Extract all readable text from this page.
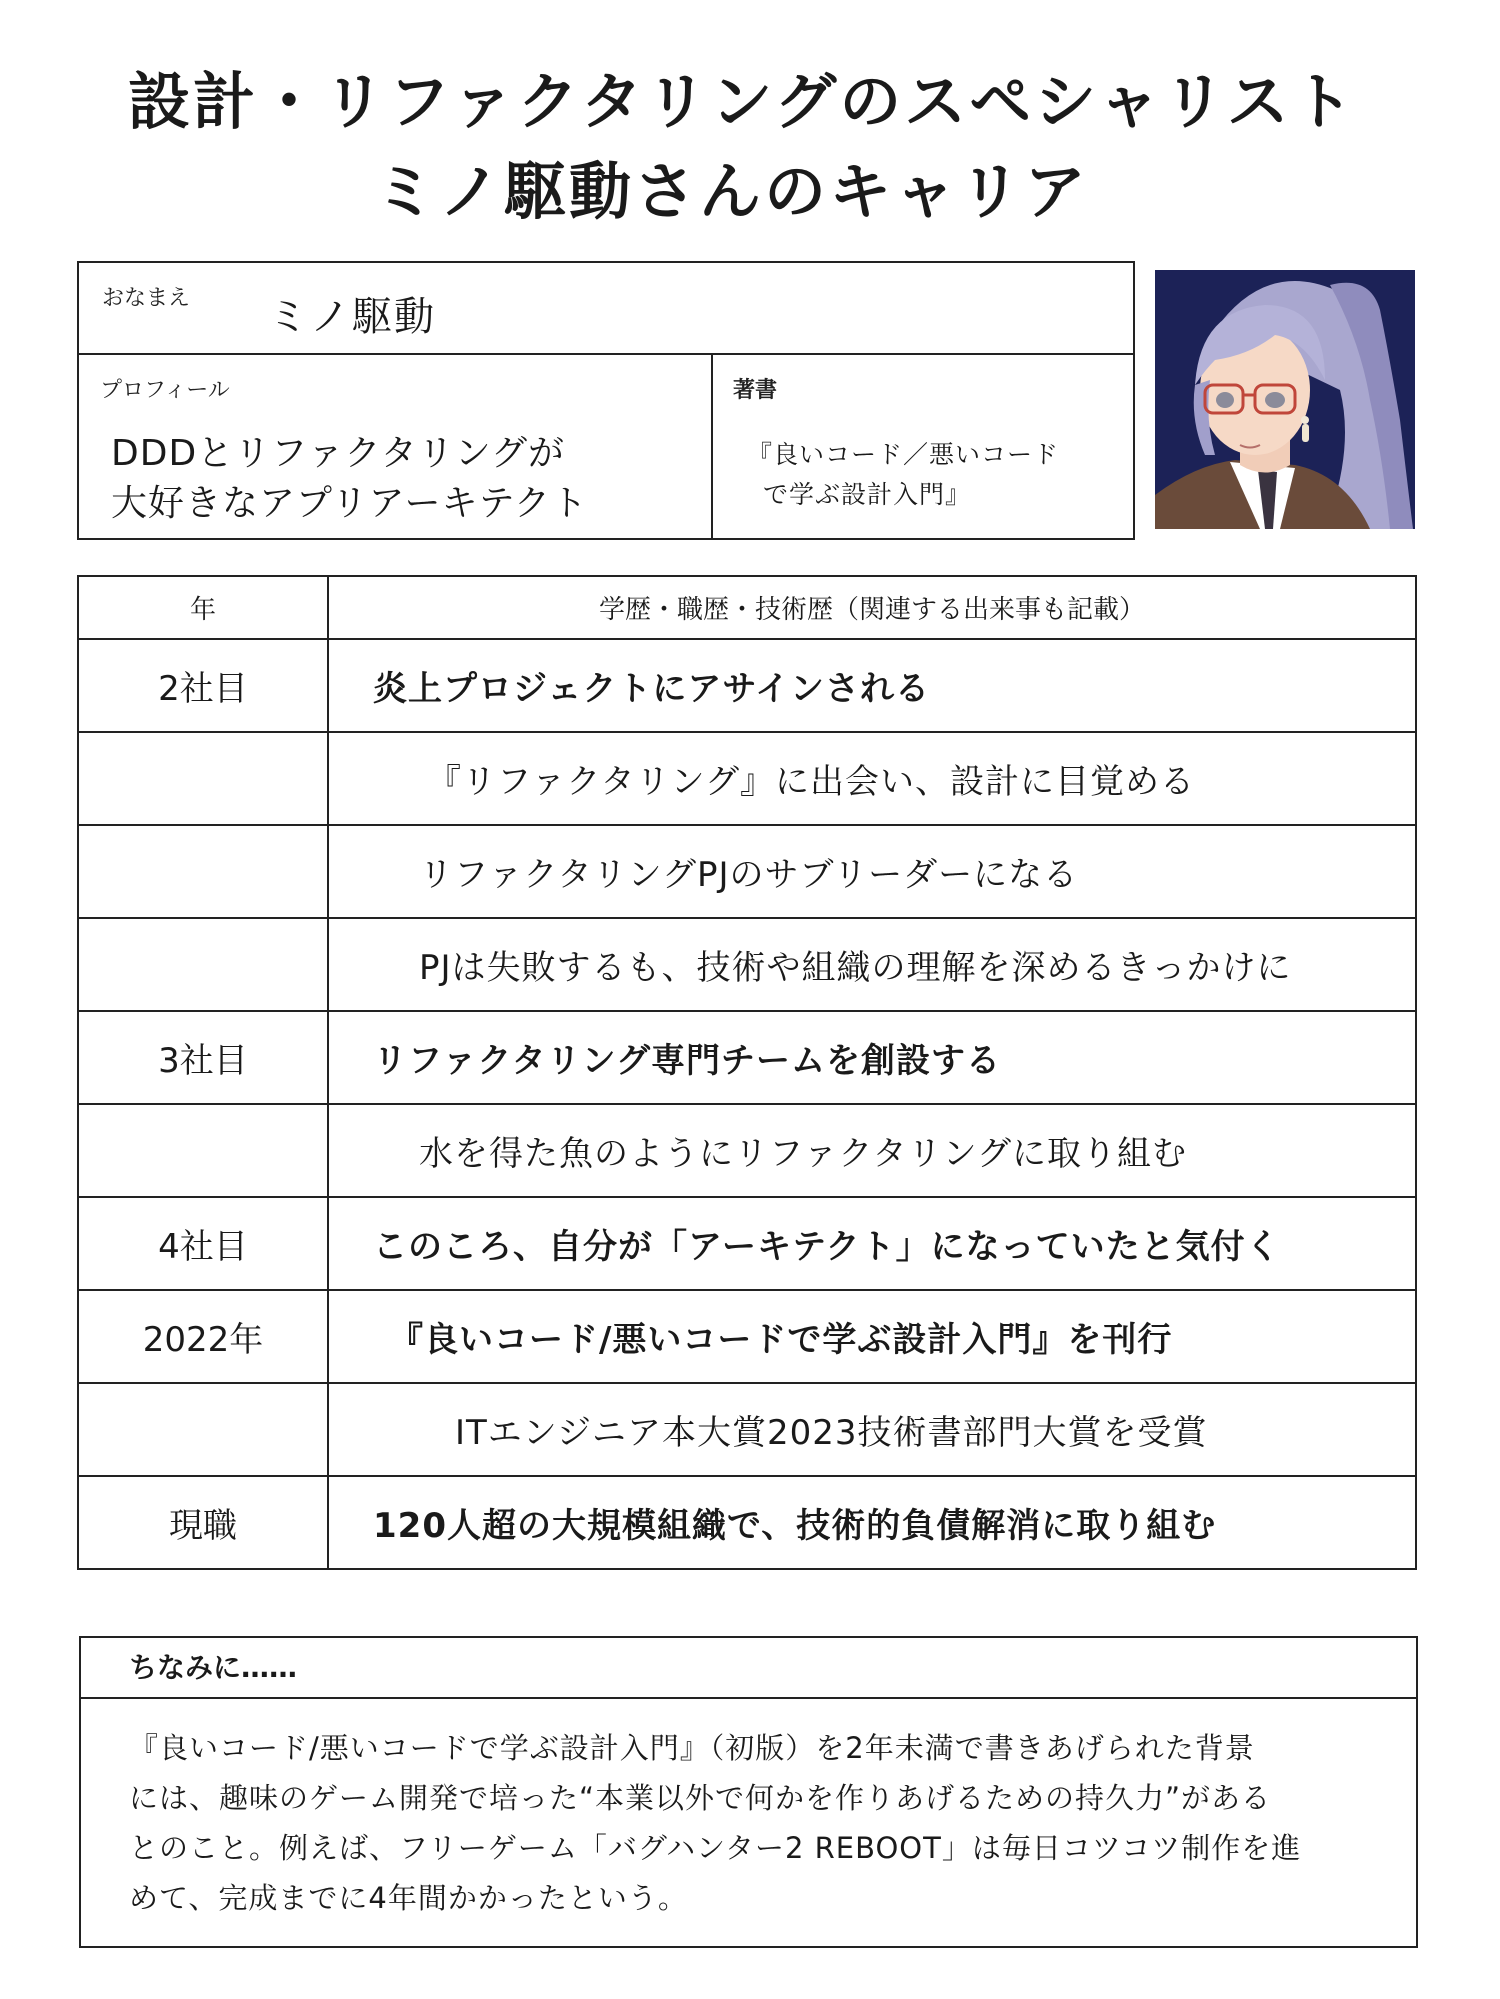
設計・リファクタリングのスペシャリスト
ミノ駆動さんのキャリア
おなまえ ミノ駆動
プロフィール
DDDとリファクタリングが
大好きなアプリアーキテクト
著書
『良いコード／悪いコード
で学ぶ設計入門』
年	学歴・職歴・技術歴（関連する出来事も記載）
2社目	炎上プロジェクトにアサインされる
	『リファクタリング』に出会い、設計に目覚める
	リファクタリングPJのサブリーダーになる
	PJは失敗するも、技術や組織の理解を深めるきっかけに
3社目	リファクタリング専門チームを創設する
	水を得た魚のようにリファクタリングに取り組む
4社目	このころ、自分が「アーキテクト」になっていたと気付く
2022年	『良いコード/悪いコードで学ぶ設計入門』を刊行
	ITエンジニア本大賞2023技術書部門大賞を受賞
現職	120人超の大規模組織で、技術的負債解消に取り組む
ちなみに……
『良いコード/悪いコードで学ぶ設計入門』（初版）を2年未満で書きあげられた背景
には、趣味のゲーム開発で培った“本業以外で何かを作りあげるための持久力”がある
とのこと。例えば、フリーゲーム「バグハンター2 REBOOT」は毎日コツコツ制作を進
めて、完成までに4年間かかったという。
